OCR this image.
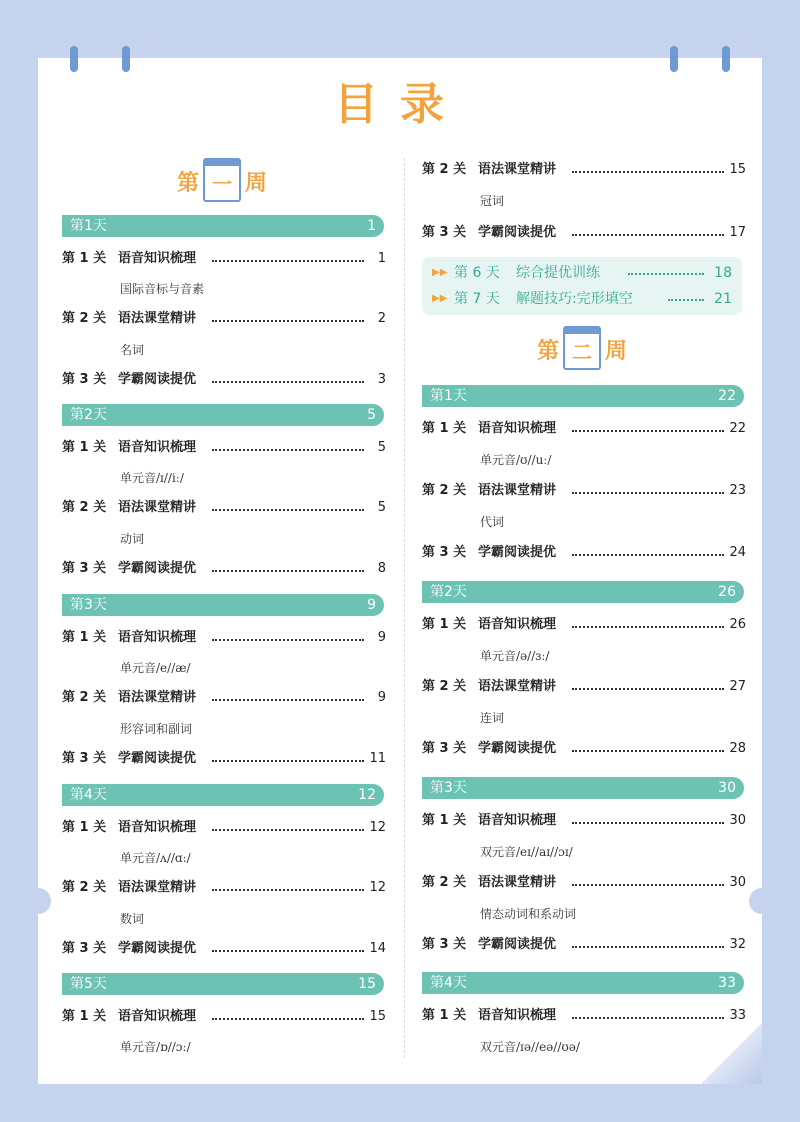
目录
第 一 周
第 二 周
第1天	1
第 1 关 语音知识梳理	1
国际音标与音素
第 2 关 语法课堂精讲	2
名词
第 3 关 学霸阅读提优	3
第2天	5
第 1 关 语音知识梳理	5
单元音/ɪ//iː/
第 2 关 语法课堂精讲	5
动词
第 3 关 学霸阅读提优	8
第3天	9
第 1 关 语音知识梳理	9
单元音/e//æ/
第 2 关 语法课堂精讲	9
形容词和副词
第 3 关 学霸阅读提优	11
第4天	12
第 1 关 语音知识梳理	12
单元音/ʌ//ɑː/
第 2 关 语法课堂精讲	12
数词
第 3 关 学霸阅读提优	14
第5天	15
第 1 关 语音知识梳理	15
单元音/ɒ//ɔː/
第 2 关 语法课堂精讲	15
冠词
第 3 关 学霸阅读提优	17
▶▶ 第 6 天 综合提优训练	18
▶▶ 第 7 天 解题技巧:完形填空	21
第1天	22
第 1 关 语音知识梳理	22
单元音/ʊ//uː/
第 2 关 语法课堂精讲	23
代词
第 3 关 学霸阅读提优	24
第2天	26
第 1 关 语音知识梳理	26
单元音/ə//ɜː/
第 2 关 语法课堂精讲	27
连词
第 3 关 学霸阅读提优	28
第3天	30
第 1 关 语音知识梳理	30
双元音/eɪ//aɪ//ɔɪ/
第 2 关 语法课堂精讲	30
情态动词和系动词
第 3 关 学霸阅读提优	32
第4天	33
第 1 关 语音知识梳理	33
双元音/ɪə//eə//ʊə/
